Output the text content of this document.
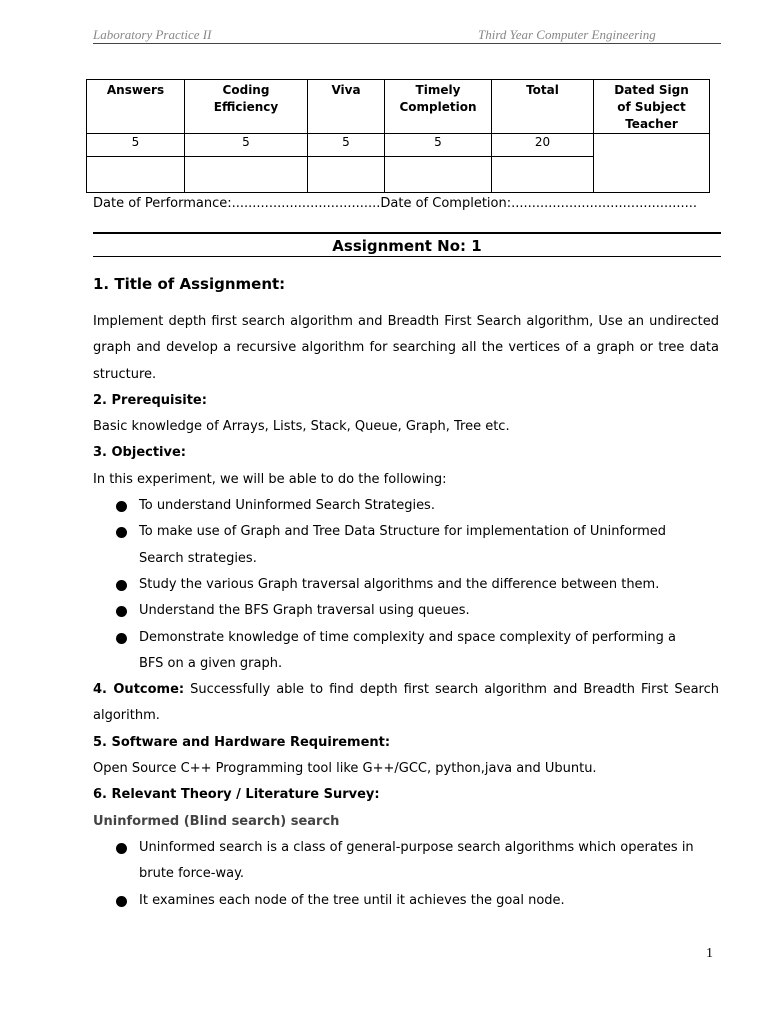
Laboratory Practice II	Third Year Computer Engineering
Answers	Coding Efficiency	Viva	Timely Completion	Total	Dated Sign of Subject Teacher
5	5	5	5	20	

Date of Performance:....................................Date of Completion:.............................................
Assignment No: 1
1. Title of Assignment:

Implement depth first search algorithm and Breadth First Search algorithm, Use an undirected graph and develop a recursive algorithm for searching all the vertices of a graph or tree data structure.

2. Prerequisite:

Basic knowledge of Arrays, Lists, Stack, Queue, Graph, Tree etc.

3. Objective:

In this experiment, we will be able to do the following:

To understand Uninformed Search Strategies.
To make use of Graph and Tree Data Structure for implementation of Uninformed Search strategies.
Study the various Graph traversal algorithms and the difference between them.
Understand the BFS Graph traversal using queues.
Demonstrate knowledge of time complexity and space complexity of performing a BFS on a given graph.

4. Outcome: Successfully able to find depth first search algorithm and Breadth First Search algorithm.

5. Software and Hardware Requirement:

Open Source C++ Programming tool like G++/GCC, python,java and Ubuntu.

6. Relevant Theory / Literature Survey:
Uninformed (Blind search) search
Uninformed search is a class of general-purpose search algorithms which operates in brute force-way.
It examines each node of the tree until it achieves the goal node.
1
